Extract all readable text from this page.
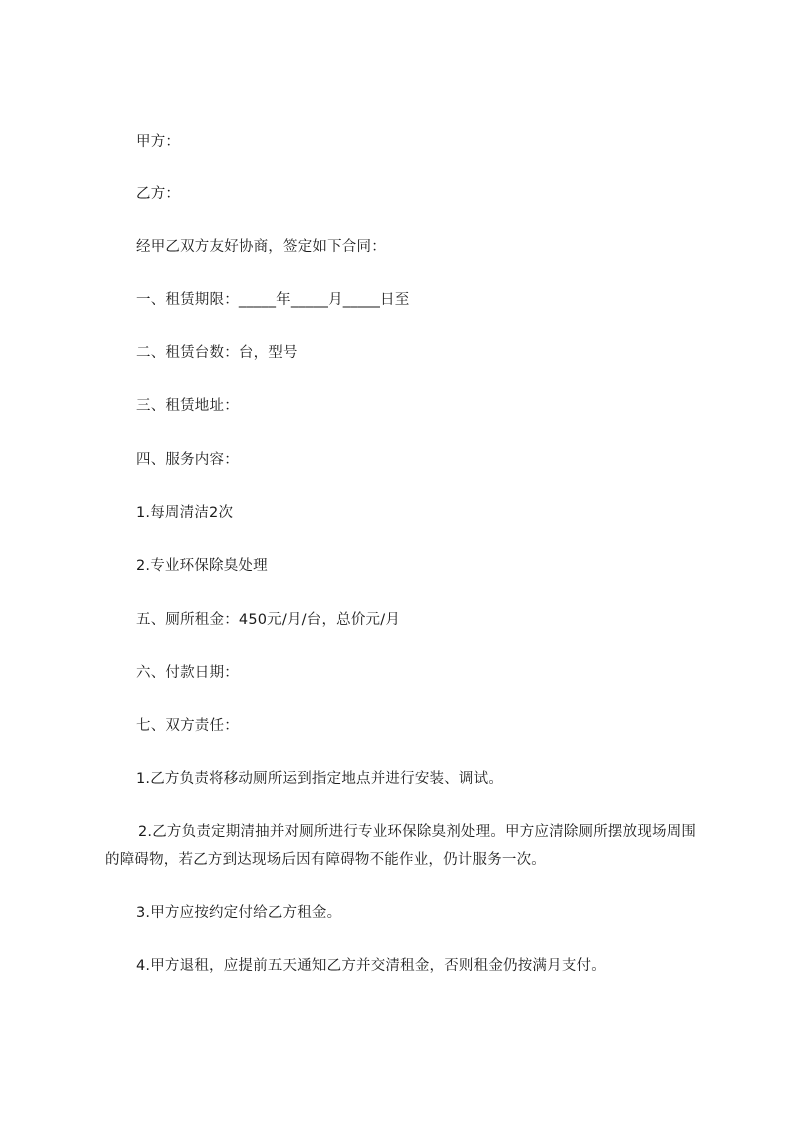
甲方：
乙方：
经甲乙双方友好协商，签定如下合同：
一、租赁期限：_____年_____月_____日至
二、租赁台数：台，型号
三、租赁地址：
四、服务内容：
1.每周清洁2次
2.专业环保除臭处理
五、厕所租金：450元/月/台，总价元/月
六、付款日期：
七、双方责任：
1.乙方负责将移动厕所运到指定地点并进行安装、调试。
2.乙方负责定期清抽并对厕所进行专业环保除臭剂处理。甲方应清除厕所摆放现场周围的障碍物，若乙方到达现场后因有障碍物不能作业，仍计服务一次。
3.甲方应按约定付给乙方租金。
4.甲方退租，应提前五天通知乙方并交清租金，否则租金仍按满月支付。
